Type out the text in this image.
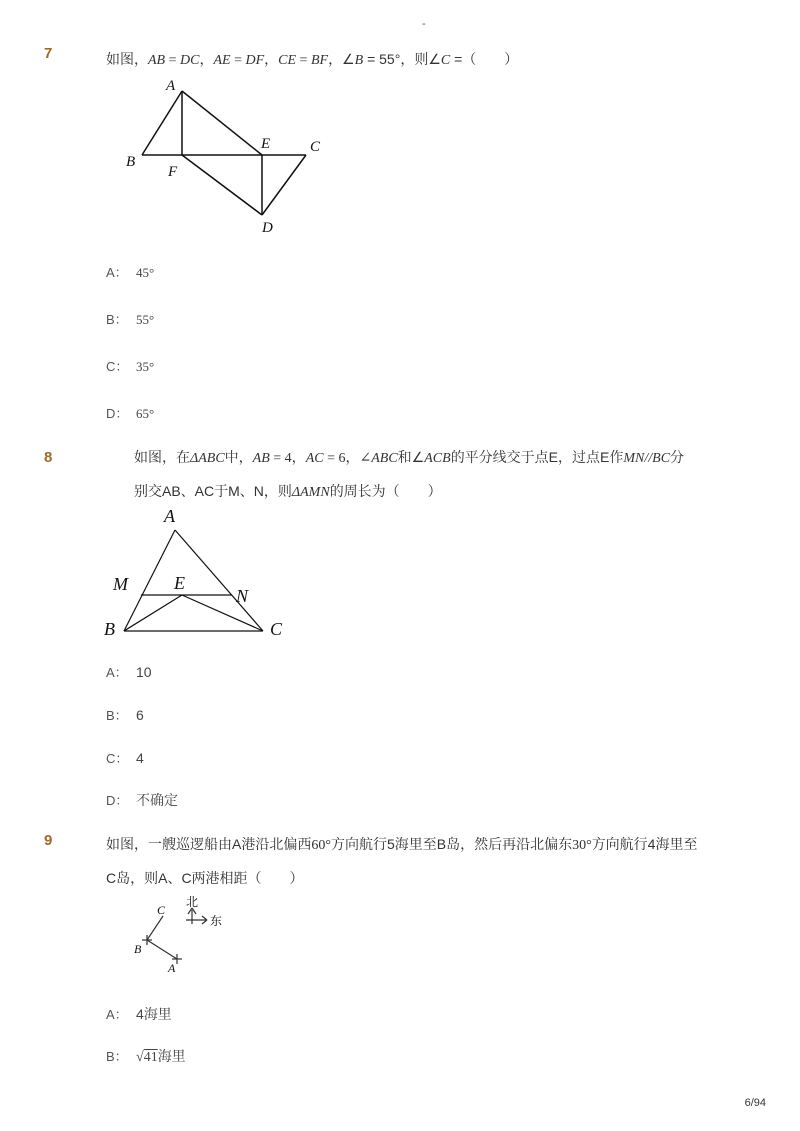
-
6/94
7	如图，AB = DC，AE = DF，CE = BF，∠B = 55°，则∠C =（　　）
A
B
C
D
E
F
A： 45°
B： 55°
C： 35°
D： 65°
8	如图，在ΔABC中，AB = 4，AC = 6，∠ABC和∠ACB的平分线交于点E，过点E作MN//BC分
别交AB、AC于M、N，则ΔAMN的周长为（　　）
A
M	E
N
B	C
A： 10
B： 6
C： 4
D： 不确定
9	如图，一艘巡逻船由A港沿北偏西60°方向航行5海里至B岛，然后再沿北偏东30°方向航行4海里至
C岛，则A、C两港相距（　　）
C
B
A
北
东
A： 4海里
B： √41海里
